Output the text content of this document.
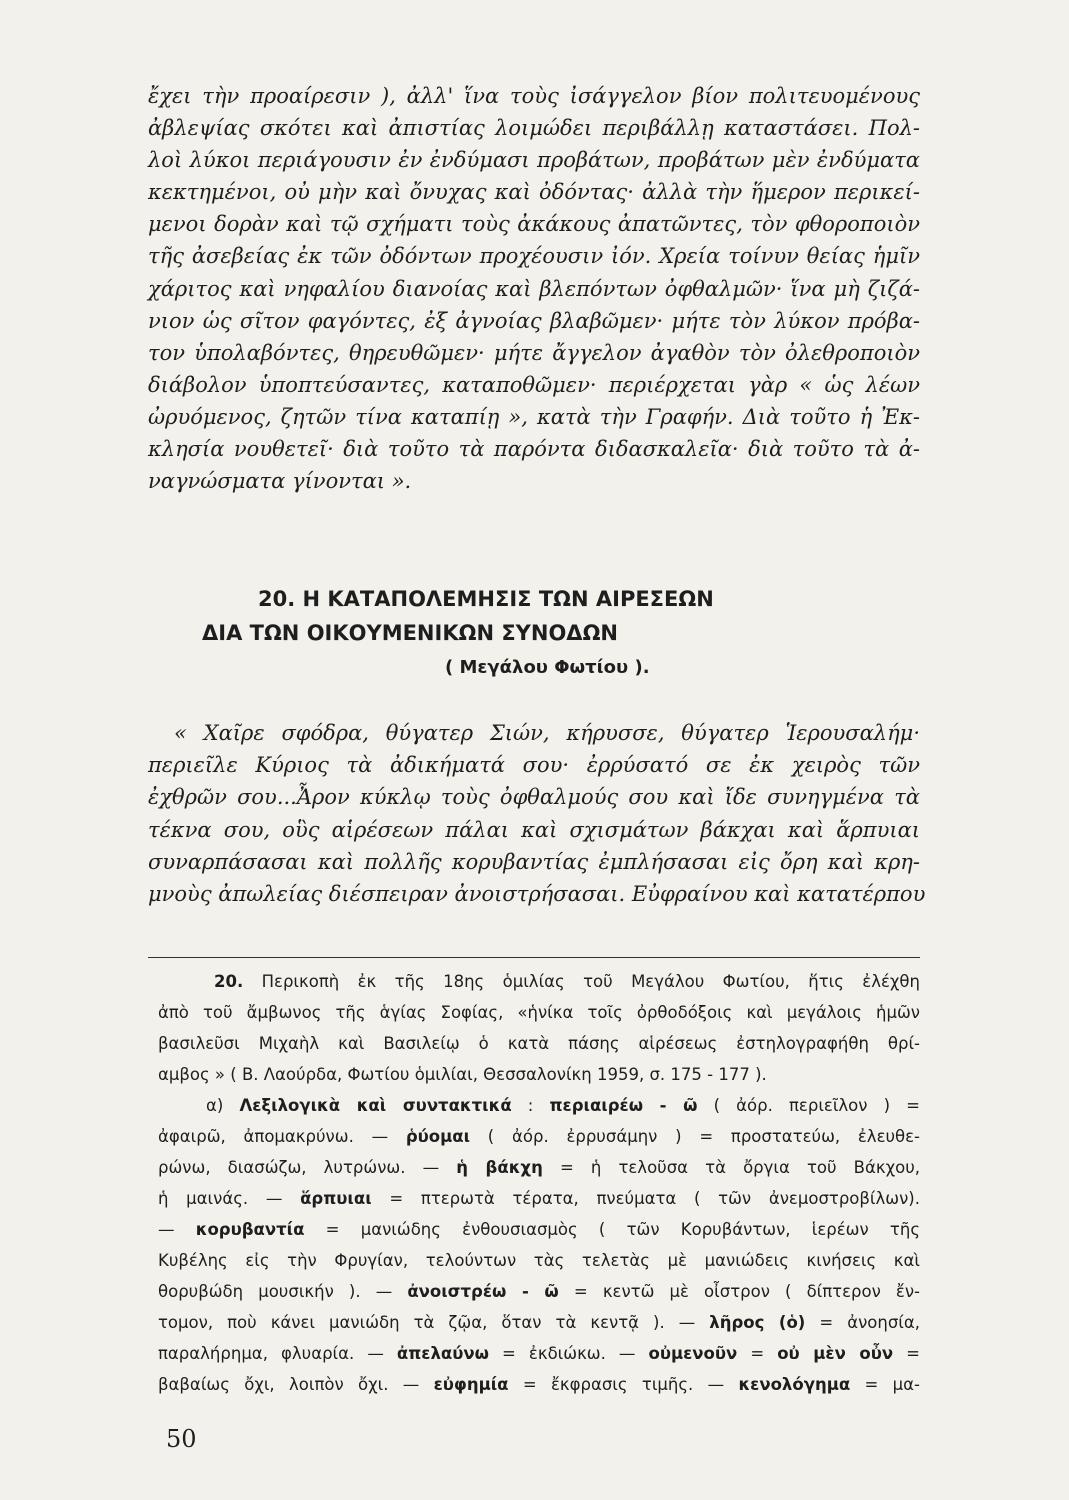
ἔχει τὴν προαίρεσιν ), ἀλλ' ἵνα τοὺς ἰσάγγελον βίον πολιτευομένους
ἀβλεψίας σκότει καὶ ἀπιστίας λοιμώδει περιβάλλῃ καταστάσει. Πολ-
λοὶ λύκοι περιάγουσιν ἐν ἐνδύμασι προβάτων, προβάτων μὲν ἐνδύματα
κεκτημένοι, οὐ μὴν καὶ ὄνυχας καὶ ὀδόντας· ἀλλὰ τὴν ἥμερον περικεί-
μενοι δορὰν καὶ τῷ σχήματι τοὺς ἀκάκους ἀπατῶντες, τὸν φθοροποιὸν
τῆς ἀσεβείας ἐκ τῶν ὀδόντων προχέουσιν ἰόν. Χρεία τοίνυν θείας ἡμῖν
χάριτος καὶ νηφαλίου διανοίας καὶ βλεπόντων ὀφθαλμῶν· ἵνα μὴ ζιζά-
νιον ὡς σῖτον φαγόντες, ἐξ ἀγνοίας βλαβῶμεν· μήτε τὸν λύκον πρόβα-
τον ὑπολαβόντες, θηρευθῶμεν· μήτε ἄγγελον ἀγαθὸν τὸν ὀλεθροποιὸν
διάβολον ὑποπτεύσαντες, καταποθῶμεν· περιέρχεται γὰρ « ὡς λέων
ὠρυόμενος, ζητῶν τίνα καταπίῃ », κατὰ τὴν Γραφήν. Διὰ τοῦτο ἡ Ἐκ-
κλησία νουθετεῖ· διὰ τοῦτο τὰ παρόντα διδασκαλεῖα· διὰ τοῦτο τὰ ἀ-
ναγνώσματα γίνονται ».
20. Η ΚΑΤΑΠΟΛΕΜΗΣΙΣ ΤΩΝ ΑΙΡΕΣΕΩΝ
ΔΙΑ ΤΩΝ ΟΙΚΟΥΜΕΝΙΚΩΝ ΣΥΝΟΔΩΝ
( Μεγάλου Φωτίου ).
« Χαῖρε σφόδρα, θύγατερ Σιών, κήρυσσε, θύγατερ Ἱερουσαλήμ·
περιεῖλε Κύριος τὰ ἀδικήματά σου· ἐρρύσατό σε ἐκ χειρὸς τῶν
ἐχθρῶν σου...Ἆρον κύκλῳ τοὺς ὀφθαλμούς σου καὶ ἴδε συνηγμένα τὰ
τέκνα σου, οὓς αἱρέσεων πάλαι καὶ σχισμάτων βάκχαι καὶ ἅρπυιαι
συναρπάσασαι καὶ πολλῆς κορυβαντίας ἐμπλήσασαι εἰς ὄρη καὶ κρη-
μνοὺς ἀπωλείας διέσπειραν ἀνοιστρήσασαι. Εὐφραίνου καὶ κατατέρπου
20. Περικοπὴ ἐκ τῆς 18ης ὁμιλίας τοῦ Μεγάλου Φωτίου, ἥτις ἐλέχθη
ἀπὸ τοῦ ἄμβωνος τῆς ἁγίας Σοφίας, «ἡνίκα τοῖς ὀρθοδόξοις καὶ μεγάλοις ἡμῶν
βασιλεῦσι Μιχαὴλ καὶ Βασιλείῳ ὁ κατὰ πάσης αἱρέσεως ἐστηλογραφήθη θρί-
αμβος » ( Β. Λαούρδα, Φωτίου ὁμιλίαι, Θεσσαλονίκη 1959, σ. 175 - 177 ).
α) Λεξιλογικὰ καὶ συντακτικά : περιαιρέω - ῶ ( ἀόρ. περιεῖλον ) =
ἀφαιρῶ, ἀπομακρύνω. — ῥύομαι ( ἀόρ. ἐρρυσάμην ) = προστατεύω, ἐλευθε-
ρώνω, διασώζω, λυτρώνω. — ἡ βάκχη = ἡ τελοῦσα τὰ ὄργια τοῦ Βάκχου,
ἡ μαινάς. — ἅρπυιαι = πτερωτὰ τέρατα, πνεύματα ( τῶν ἀνεμοστροβίλων).
— κορυβαντία = μανιώδης ἐνθουσιασμὸς ( τῶν Κορυβάντων, ἱερέων τῆς
Κυβέλης εἰς τὴν Φρυγίαν, τελούντων τὰς τελετὰς μὲ μανιώδεις κινήσεις καὶ
θορυβώδη μουσικήν ). — ἀνοιστρέω - ῶ = κεντῶ μὲ οἶστρον ( δίπτερον ἔν-
τομον, ποὺ κάνει μανιώδη τὰ ζῷα, ὅταν τὰ κεντᾷ ). — λῆρος (ὁ) = ἀνοησία,
παραλήρημα, φλυαρία. — ἀπελαύνω = ἐκδιώκω. — οὐμενοῦν = οὐ μὲν οὖν =
βαβαίως ὄχι, λοιπὸν ὄχι. — εὐφημία = ἔκφρασις τιμῆς. — κενολόγημα = μα-
50
